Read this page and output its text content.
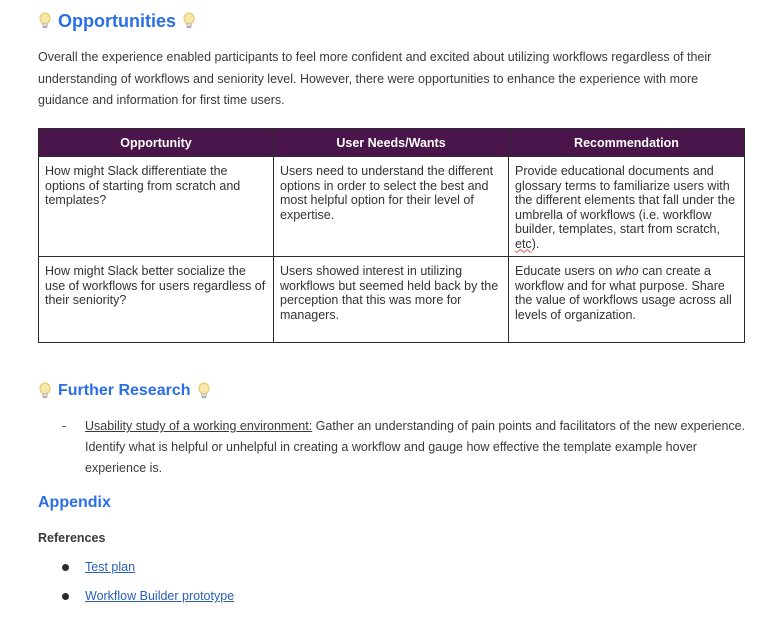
Opportunities
Overall the experience enabled participants to feel more confident and excited about utilizing workflows regardless of their understanding of workflows and seniority level. However, there were opportunities to enhance the experience with more guidance and information for first time users.
Opportunity	User Needs/Wants	Recommendation
How might Slack differentiate the options of starting from scratch and templates?	Users need to understand the different options in order to select the best and most helpful option for their level of expertise.	Provide educational documents and glossary terms to familiarize users with the different elements that fall under the umbrella of workflows (i.e. workflow builder, templates, start from scratch, etc).
How might Slack better socialize the use of workflows for users regardless of their seniority?	Users showed interest in utilizing workflows but seemed held back by the perception that this was more for managers.	Educate users on who can create a workflow and for what purpose. Share the value of workflows usage across all levels of organization.
Further Research
- Usability study of a working environment: Gather an understanding of pain points and facilitators of the new experience. Identify what is helpful or unhelpful in creating a workflow and gauge how effective the template example hover experience is.
Appendix
References
Test plan
Workflow Builder prototype
